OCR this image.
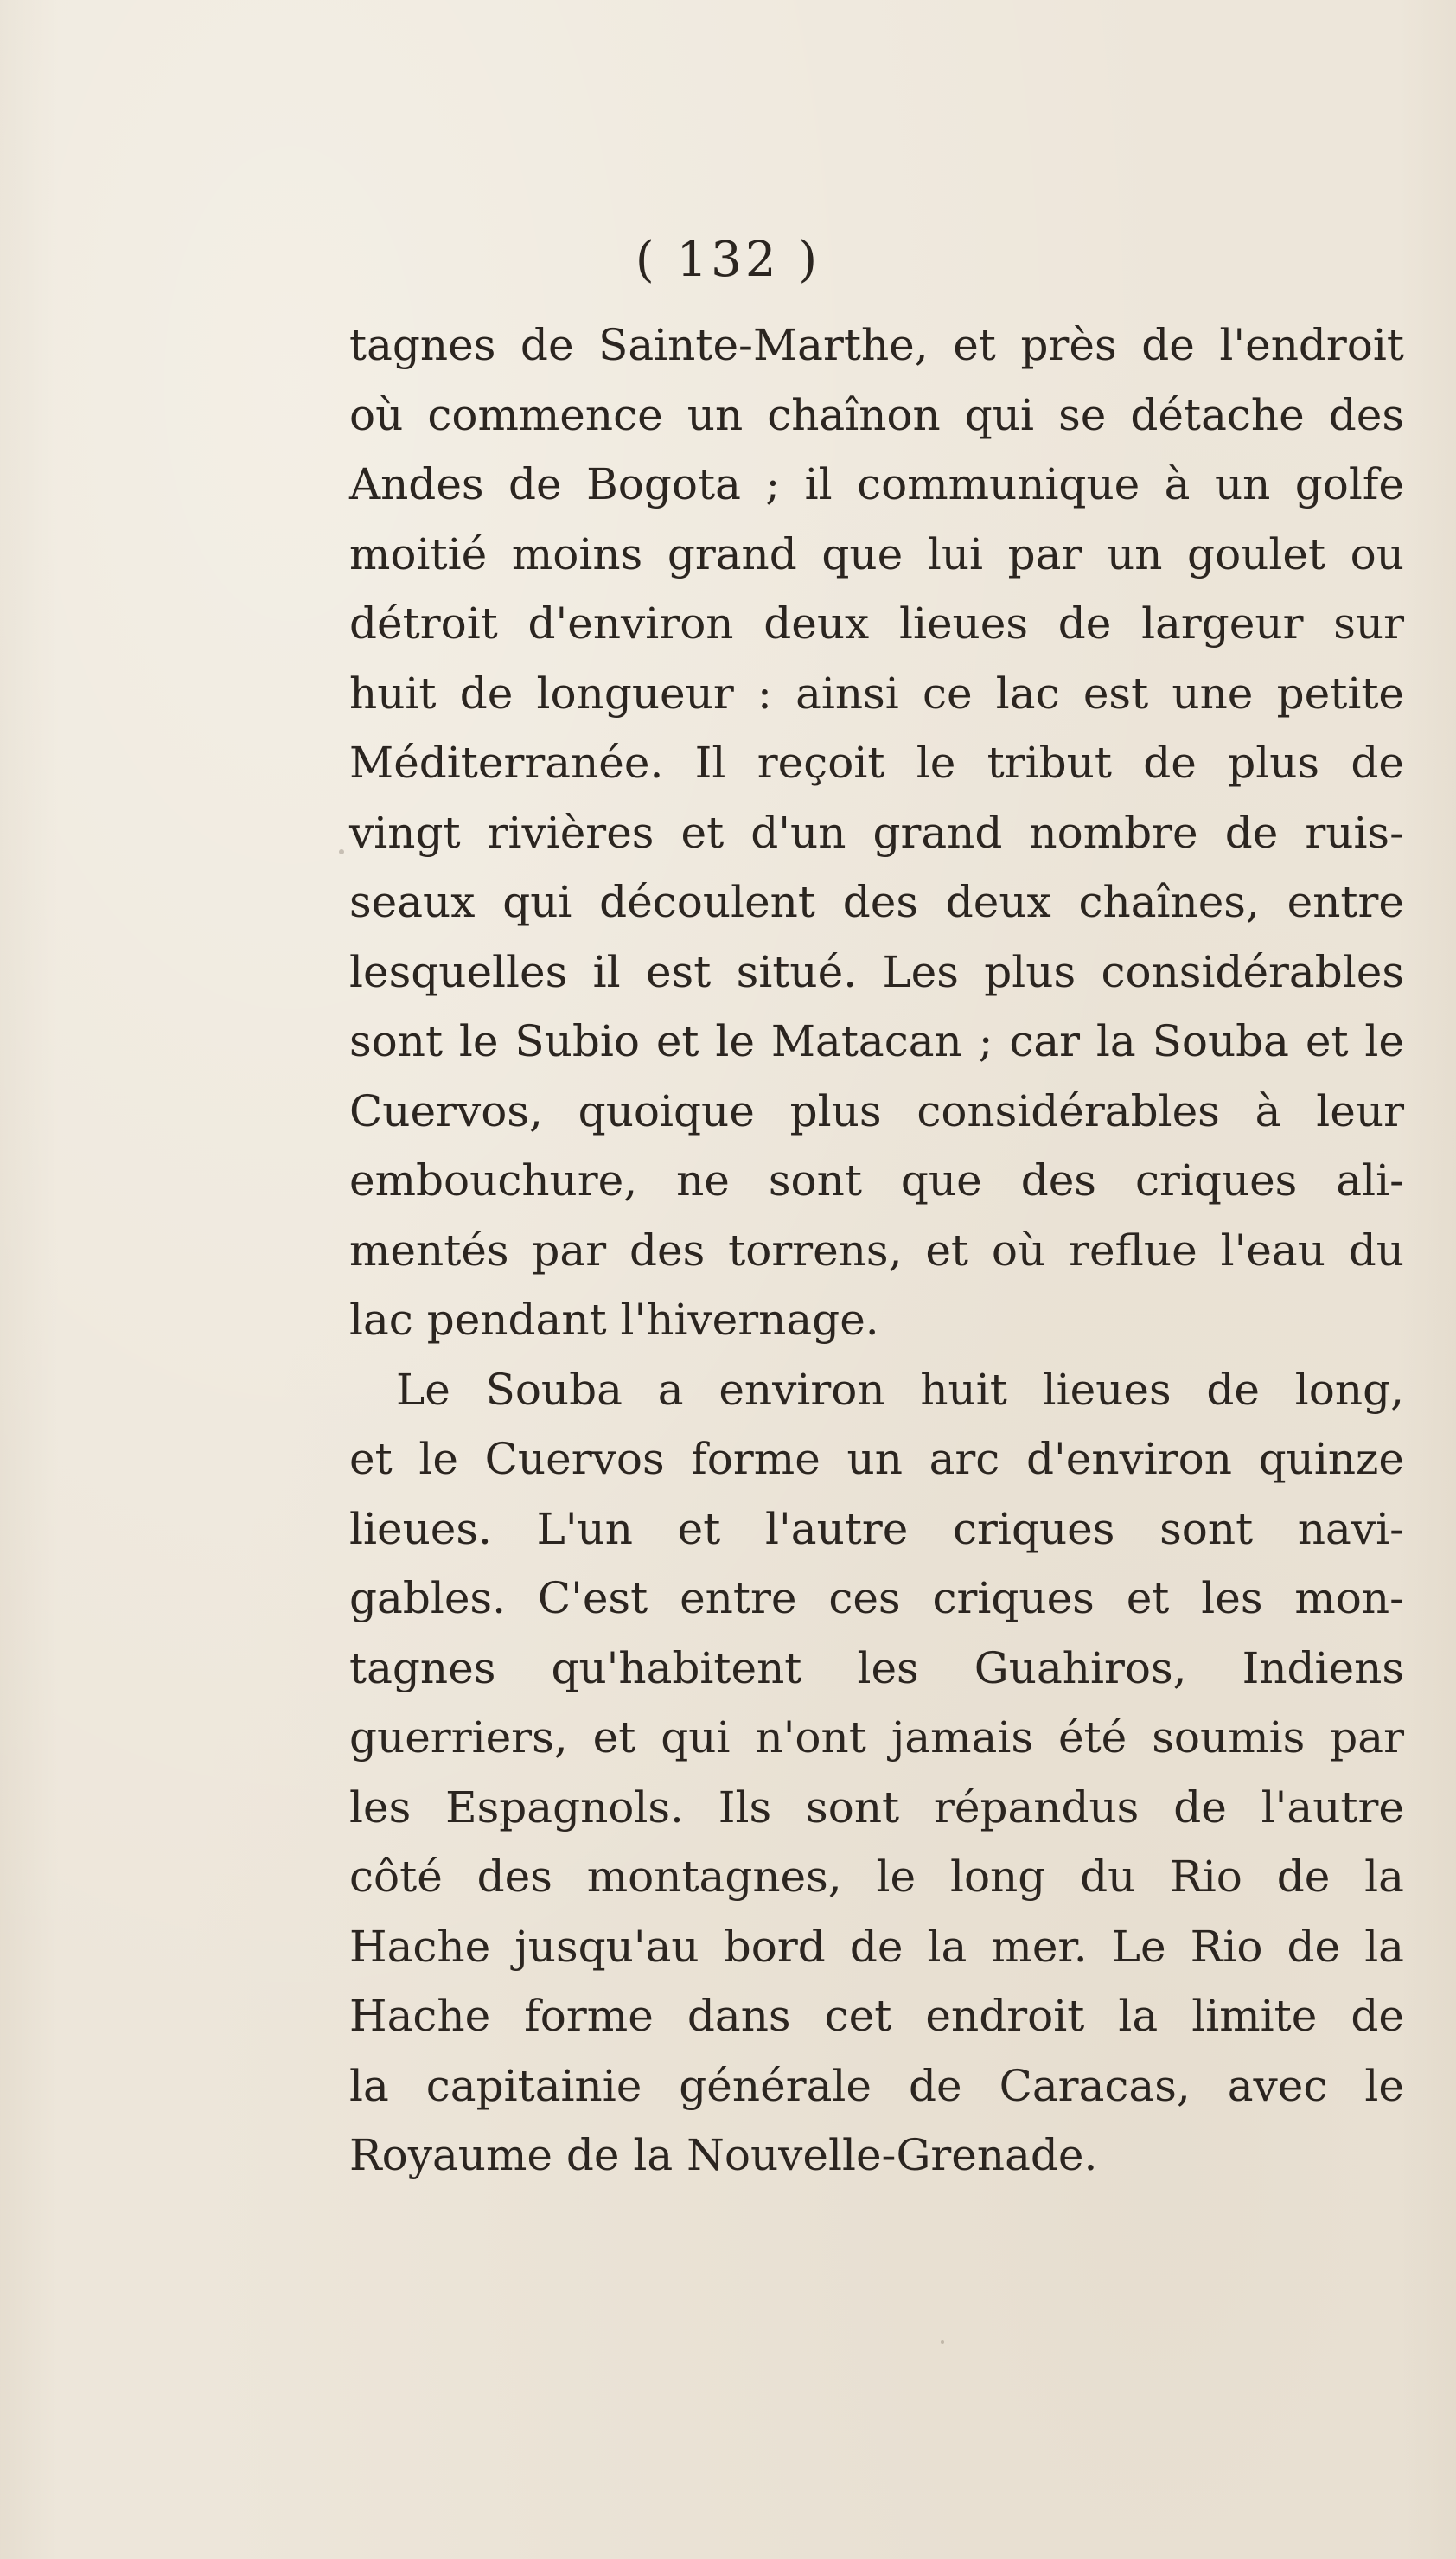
( 132 )
tagnes de Sainte-Marthe, et près de l'endroit
où commence un chaînon qui se détache des
Andes de Bogota ; il communique à un golfe
moitié moins grand que lui par un goulet ou
détroit d'environ deux lieues de largeur sur
huit de longueur : ainsi ce lac est une petite
Méditerranée. Il reçoit le tribut de plus de
vingt rivières et d'un grand nombre de ruis-
seaux qui découlent des deux chaînes, entre
lesquelles il est situé. Les plus considérables
sont le Subio et le Matacan ; car la Souba et le
Cuervos, quoique plus considérables à leur
embouchure, ne sont que des criques ali-
mentés par des torrens, et où reflue l'eau du
lac pendant l'hivernage.
Le Souba a environ huit lieues de long,
et le Cuervos forme un arc d'environ quinze
lieues. L'un et l'autre criques sont navi-
gables. C'est entre ces criques et les mon-
tagnes qu'habitent les Guahiros, Indiens
guerriers, et qui n'ont jamais été soumis par
les Espagnols. Ils sont répandus de l'autre
côté des montagnes, le long du Rio de la
Hache jusqu'au bord de la mer. Le Rio de la
Hache forme dans cet endroit la limite de
la capitainie générale de Caracas, avec le
Royaume de la Nouvelle-Grenade.
